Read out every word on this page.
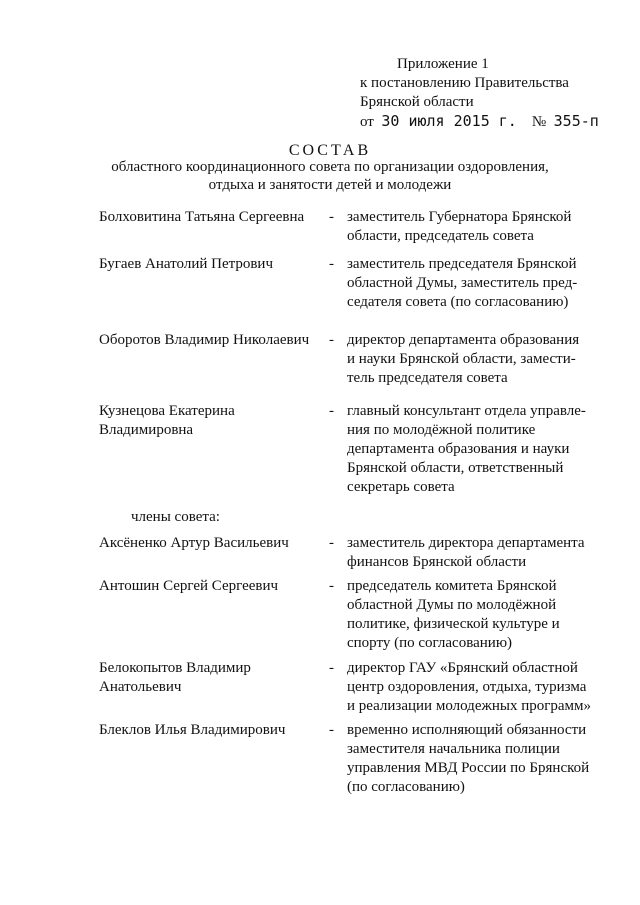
Приложение 1
к постановлению Правительства
Брянской области
от 30 июля 2015 г. № 355-п
СОСТАВ
областного координационного совета по организации оздоровления,
отдыха и занятости детей и молодежи
Болховитина Татьяна Сергеевна	- заместитель Губернатора Брянской
области, председатель совета
Бугаев Анатолий Петрович	- заместитель председателя Брянской
областной Думы, заместитель пред-
седателя совета (по согласованию)
Оборотов Владимир Николаевич	- директор департамента образования
и науки Брянской области, замести-
тель председателя совета
Кузнецова Екатерина
Владимировна
- главный консультант отдела управле-
ния по молодёжной политике
департамента образования и науки
Брянской области, ответственный
секретарь совета
члены совета:
Аксёненко Артур Васильевич	- заместитель директора департамента
финансов Брянской области
Антошин Сергей Сергеевич	- председатель комитета Брянской
областной Думы по молодёжной
политике, физической культуре и
спорту (по согласованию)
Белокопытов Владимир
Анатольевич
- директор ГАУ «Брянский областной
центр оздоровления, отдыха, туризма
и реализации молодежных программ»
Блеклов Илья Владимирович	- временно исполняющий обязанности
заместителя начальника полиции
управления МВД России по Брянской
(по согласованию)
